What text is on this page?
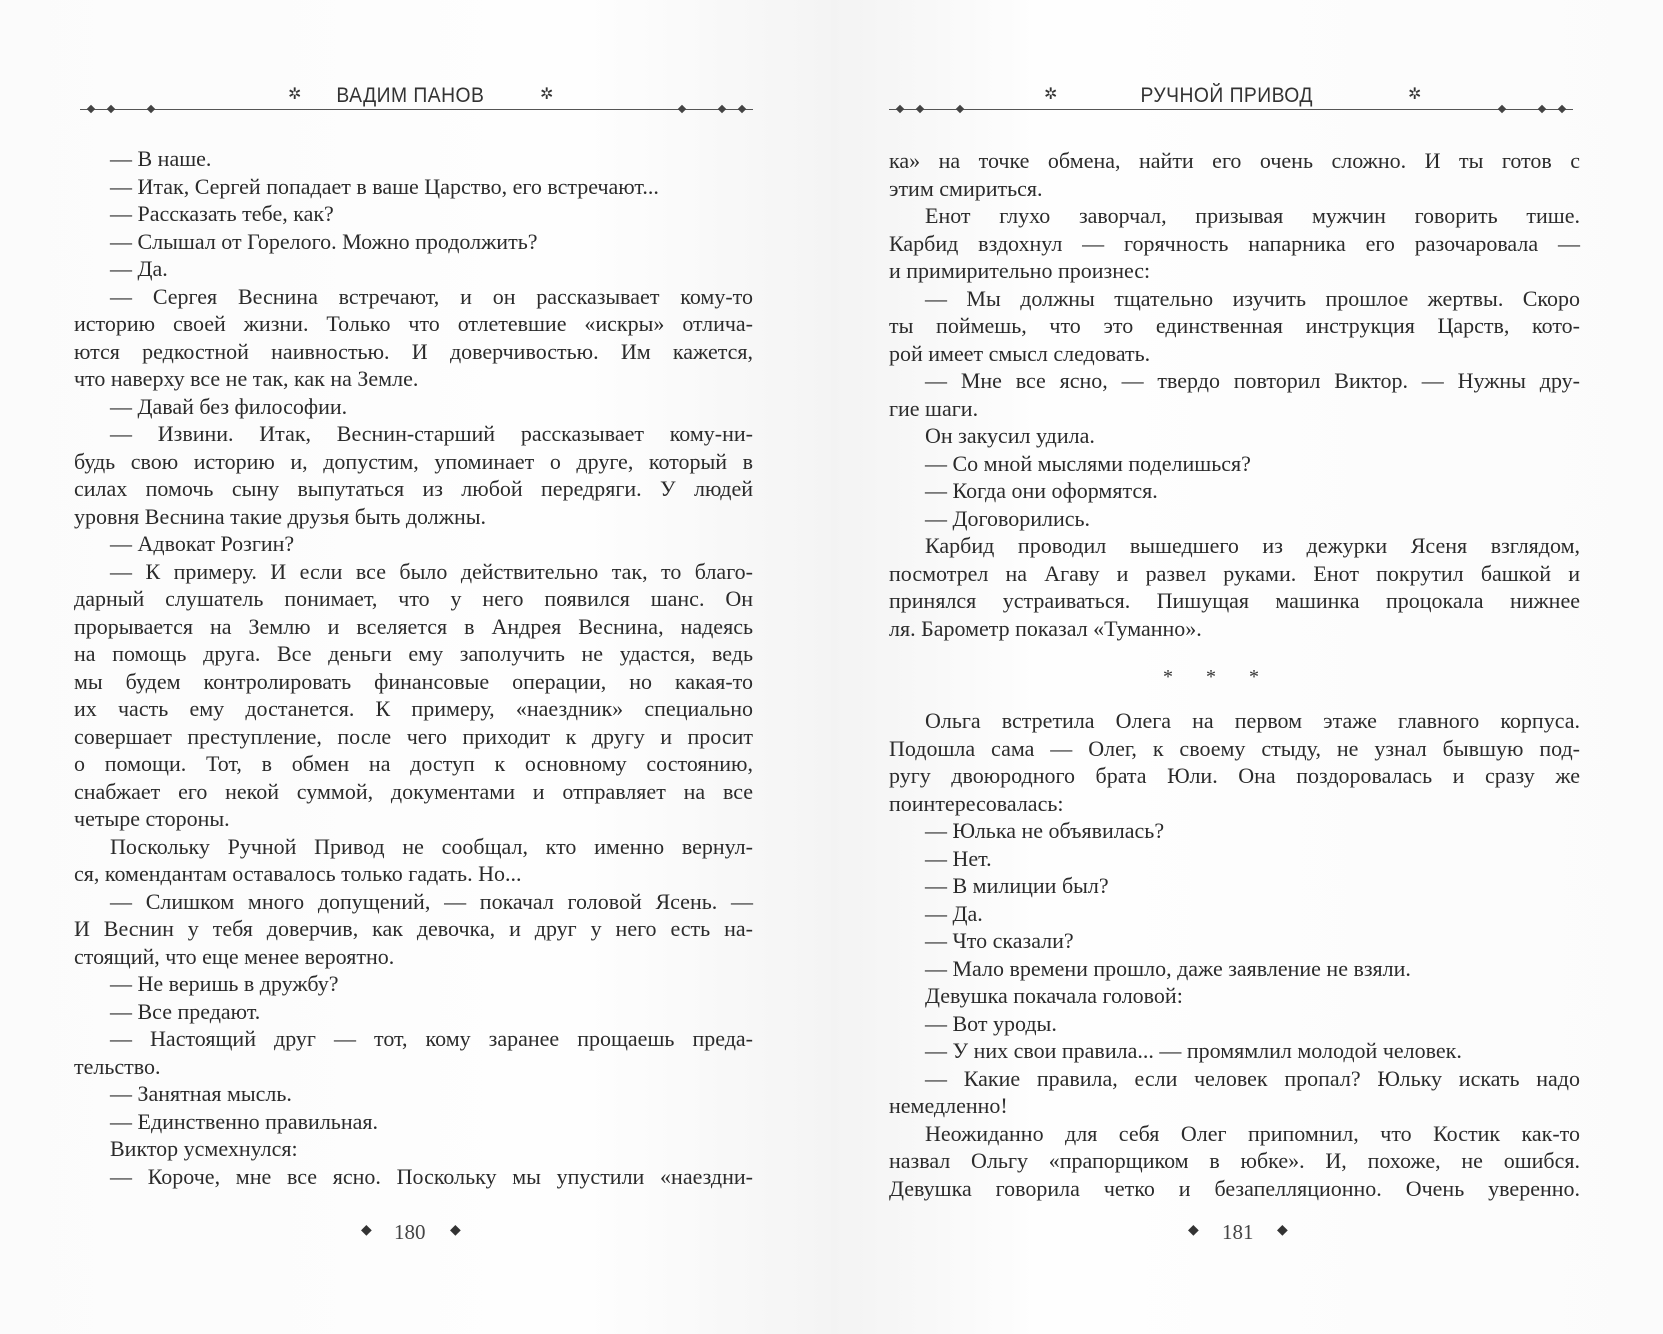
✲ ВАДИМ ПАНОВ	✲
— В наше.
— Итак, Сергей попадает в ваше Царство, его встречают...
— Рассказать тебе, как?
— Слышал от Горелого. Можно продолжить?
— Да.
— Сергея Веснина встречают, и он рассказывает кому-то
историю своей жизни. Только что отлетевшие «искры» отлича-
ются редкостной наивностью. И доверчивостью. Им кажется,
что наверху все не так, как на Земле.
— Давай без философии.
— Извини. Итак, Веснин-старший рассказывает кому-ни-
будь свою историю и, допустим, упоминает о друге, который в
силах помочь сыну выпутаться из любой передряги. У людей
уровня Веснина такие друзья быть должны.
— Адвокат Розгин?
— К примеру. И если все было действительно так, то благо-
дарный слушатель понимает, что у него появился шанс. Он
прорывается на Землю и вселяется в Андрея Веснина, надеясь
на помощь друга. Все деньги ему заполучить не удастся, ведь
мы будем контролировать финансовые операции, но какая-то
их часть ему достанется. К примеру, «наездник» специально
совершает преступление, после чего приходит к другу и просит
о помощи. Тот, в обмен на доступ к основному состоянию,
снабжает его некой суммой, документами и отправляет на все
четыре стороны.
Поскольку Ручной Привод не сообщал, кто именно вернул-
ся, комендантам оставалось только гадать. Но...
— Слишком много допущений, — покачал головой Ясень. —
И Веснин у тебя доверчив, как девочка, и друг у него есть на-
стоящий, что еще менее вероятно.
— Не веришь в дружбу?
— Все предают.
— Настоящий друг — тот, кому заранее прощаешь преда-
тельство.
— Занятная мысль.
— Единственно правильная.
Виктор усмехнулся:
— Короче, мне все ясно. Поскольку мы упустили «наездни-
◆ 180 ◆
✲	РУЧНОЙ ПРИВОД	✲
ка» на точке обмена, найти его очень сложно. И ты готов с
этим смириться.
Енот глухо заворчал, призывая мужчин говорить тише.
Карбид вздохнул — горячность напарника его разочаровала —
и примирительно произнес:
— Мы должны тщательно изучить прошлое жертвы. Скоро
ты поймешь, что это единственная инструкция Царств, кото-
рой имеет смысл следовать.
— Мне все ясно, — твердо повторил Виктор. — Нужны дру-
гие шаги.
Он закусил удила.
— Со мной мыслями поделишься?
— Когда они оформятся.
— Договорились.
Карбид проводил вышедшего из дежурки Ясеня взглядом,
посмотрел на Агаву и развел руками. Енот покрутил башкой и
принялся устраиваться. Пишущая машинка процокала нижнее
ля. Барометр показал «Туманно».
* * *
Ольга встретила Олега на первом этаже главного корпуса.
Подошла сама — Олег, к своему стыду, не узнал бывшую под-
ругу двоюродного брата Юли. Она поздоровалась и сразу же
поинтересовалась:
— Юлька не объявилась?
— Нет.
— В милиции был?
— Да.
— Что сказали?
— Мало времени прошло, даже заявление не взяли.
Девушка покачала головой:
— Вот уроды.
— У них свои правила... — промямлил молодой человек.
— Какие правила, если человек пропал? Юльку искать надо
немедленно!
Неожиданно для себя Олег припомнил, что Костик как-то
назвал Ольгу «прапорщиком в юбке». И, похоже, не ошибся.
Девушка говорила четко и безапелляционно. Очень уверенно.
◆ 181 ◆
